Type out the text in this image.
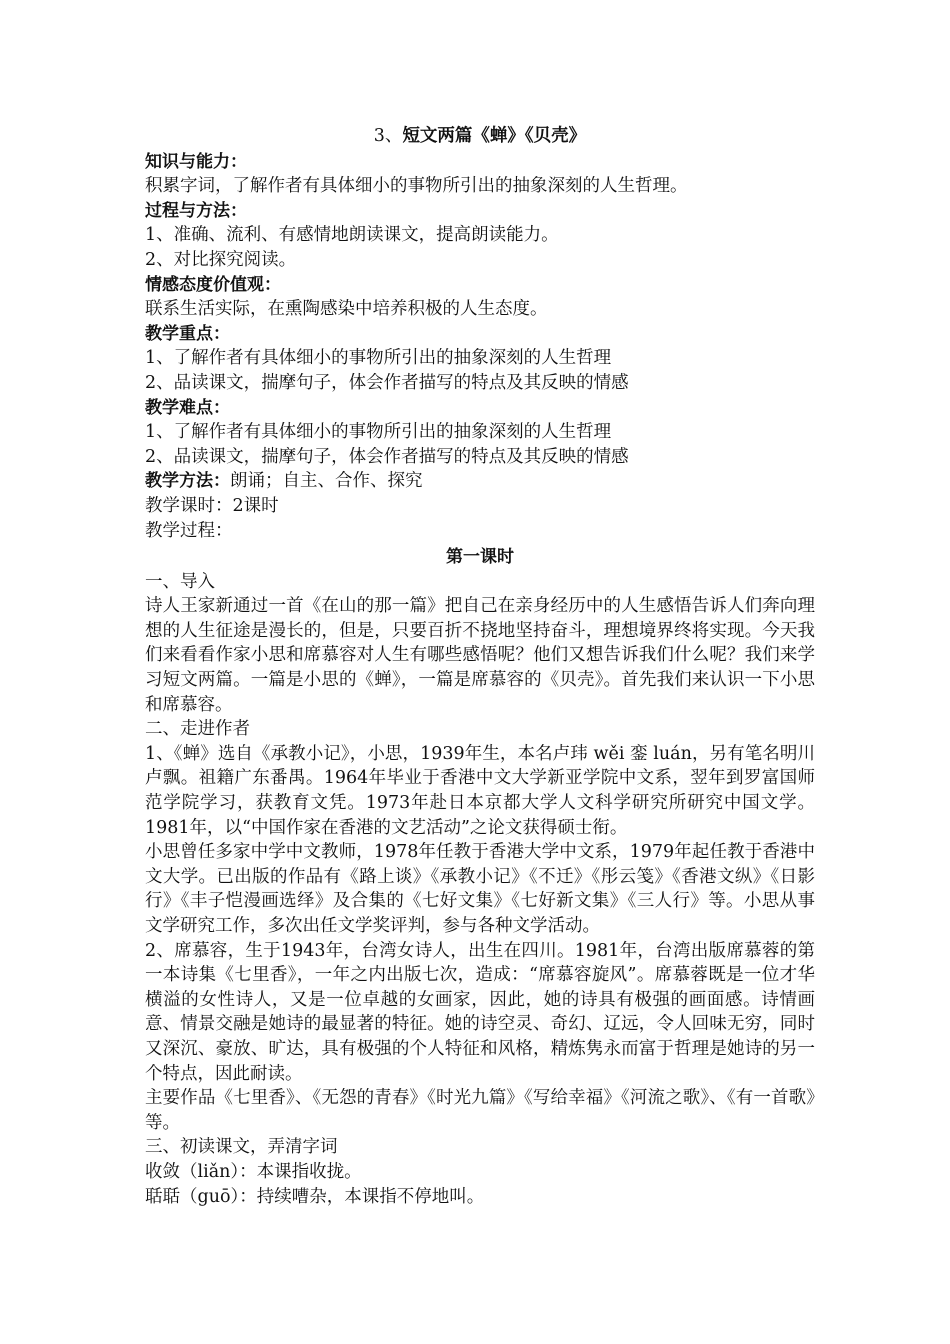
3、短文两篇《蝉》《贝壳》

知识与能力：

积累字词，了解作者有具体细小的事物所引出的抽象深刻的人生哲理。

过程与方法：

1、准确、流利、有感情地朗读课文，提高朗读能力。

2、对比探究阅读。

情感态度价值观：

联系生活实际，在熏陶感染中培养积极的人生态度。

教学重点：

1、了解作者有具体细小的事物所引出的抽象深刻的人生哲理

2、品读课文，揣摩句子，体会作者描写的特点及其反映的情感

教学难点：

1、了解作者有具体细小的事物所引出的抽象深刻的人生哲理

2、品读课文，揣摩句子，体会作者描写的特点及其反映的情感

教学方法：朗诵；自主、合作、探究

教学课时：2课时

教学过程：

第一课时

一、导入

诗人王家新通过一首《在山的那一篇》把自己在亲身经历中的人生感悟告诉人们奔向理想的人生征途是漫长的，但是，只要百折不挠地坚持奋斗，理想境界终将实现。今天我们来看看作家小思和席慕容对人生有哪些感悟呢？他们又想告诉我们什么呢？我们来学习短文两篇。一篇是小思的《蝉》，一篇是席慕容的《贝壳》。首先我们来认识一下小思和席慕容。

二、走进作者

1、《蝉》选自《承教小记》，小思，1939年生，本名卢玮 wěi 銮 luán，另有笔名明川卢飘。祖籍广东番禺。1964年毕业于香港中文大学新亚学院中文系，翌年到罗富国师范学院学习，获教育文凭。1973年赴日本京都大学人文科学研究所研究中国文学。1981年，以“中国作家在香港的文艺活动”之论文获得硕士衔。

小思曾任多家中学中文教师，1978年任教于香港大学中文系，1979年起任教于香港中文大学。已出版的作品有《路上谈》《承教小记》《不迁》《彤云笺》《香港文纵》《日影行》《丰子恺漫画选绎》及合集的《七好文集》《七好新文集》《三人行》等。小思从事文学研究工作，多次出任文学奖评判，参与各种文学活动。

2、席慕容，生于1943年，台湾女诗人，出生在四川。1981年，台湾出版席慕蓉的第一本诗集《七里香》，一年之内出版七次，造成：“席慕容旋风”。席慕蓉既是一位才华横溢的女性诗人，又是一位卓越的女画家，因此，她的诗具有极强的画面感。诗情画意、情景交融是她诗的最显著的特征。她的诗空灵、奇幻、辽远，令人回味无穷，同时又深沉、豪放、旷达，具有极强的个人特征和风格，精炼隽永而富于哲理是她诗的另一个特点，因此耐读。

主要作品《七里香》、《无怨的青春》《时光九篇》《写给幸福》《河流之歌》、《有一首歌》等。

三、初读课文，弄清字词

收敛（liǎn）：本课指收拢。

聒聒（guō）：持续嘈杂，本课指不停地叫。
